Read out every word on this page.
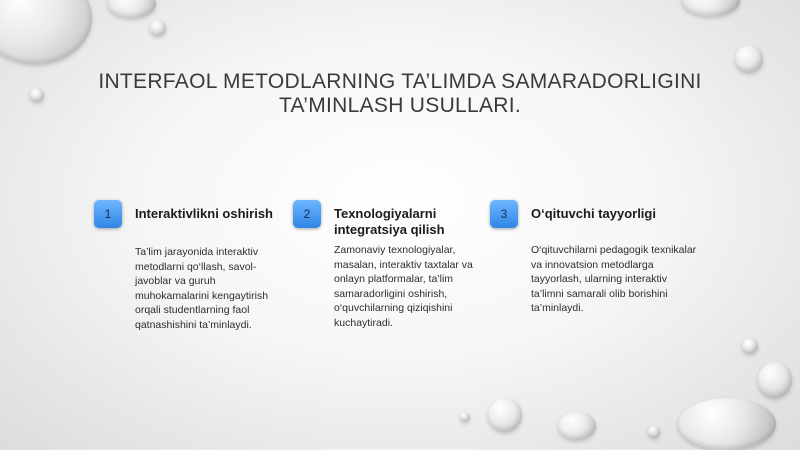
INTERFAOL METODLARNING TA’LIMDA SAMARADORLIGINI
TA’MINLASH USULLARI.
1	Interaktivlikni oshirish
Ta’lim jarayonida interaktiv metodlarni qo‘llash, savol-javoblar va guruh muhokamalarini kengaytirish orqali studentlarning faol qatnashishini ta’minlaydi.
2	Texnologiyalarni integratsiya qilish
Zamonaviy texnologiyalar, masalan, interaktiv taxtalar va onlayn platformalar, ta’lim samaradorligini oshirish, o‘quvchilarning qiziqishini kuchaytiradi.
3	O‘qituvchi tayyorligi
O‘qituvchilarni pedagogik texnikalar va innovatsion metodlarga tayyorlash, ularning interaktiv ta’limni samarali olib borishini ta’minlaydi.
